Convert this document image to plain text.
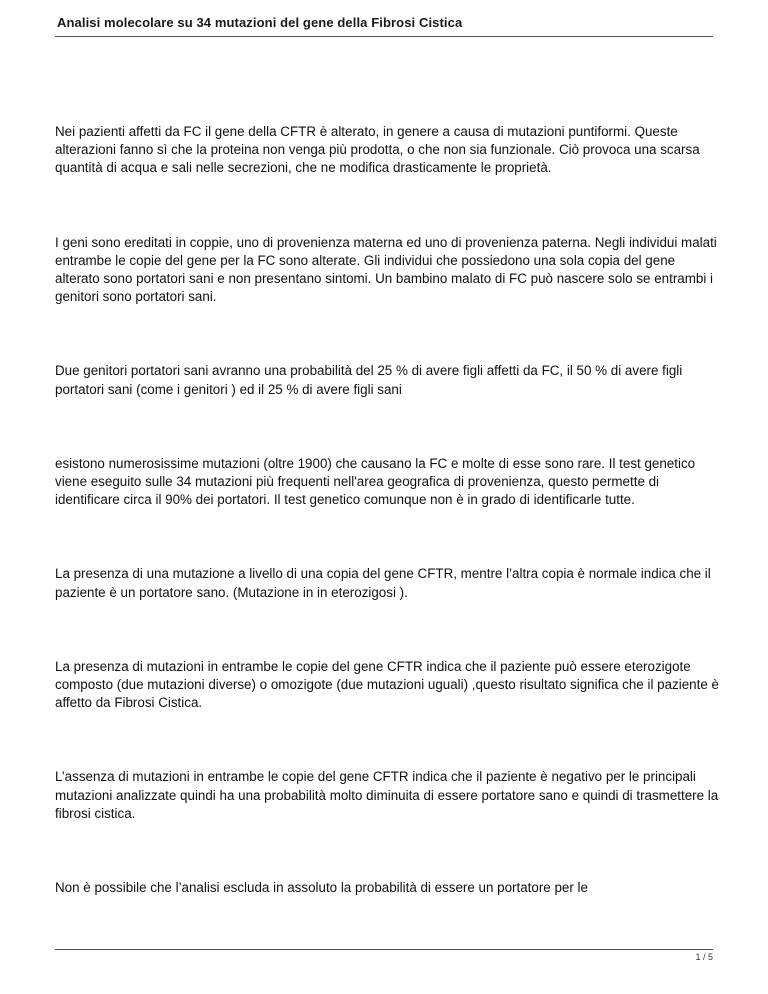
Analisi molecolare su 34 mutazioni del gene della Fibrosi Cistica

Nei pazienti affetti da FC il gene della CFTR è alterato, in genere a causa di mutazioni puntiformi. Queste alterazioni fanno sì che la proteina non venga più prodotta, o che non sia funzionale. Ciò provoca una scarsa quantità di acqua e sali nelle secrezioni, che ne modifica drasticamente le proprietà.

I geni sono ereditati in coppie, uno di provenienza materna ed uno di provenienza paterna. Negli individui malati entrambe le copie del gene per la FC sono alterate. Gli individui che possiedono una sola copia del gene alterato sono portatori sani e non presentano sintomi. Un bambino malato di FC può nascere solo se entrambi i genitori sono portatori sani.

Due genitori portatori sani avranno una probabilità del 25 % di avere figli affetti da FC, il 50 % di avere figli portatori sani (come i genitori ) ed il 25 % di avere figli sani

esistono numerosissime mutazioni (oltre 1900) che causano la FC e molte di esse sono rare. Il test genetico viene eseguito sulle 34 mutazioni più frequenti nell'area geografica di provenienza, questo permette di identificare circa il 90% dei portatori. Il test genetico comunque non è in grado di identificarle tutte.

La presenza di una mutazione a livello di una copia del gene CFTR, mentre l’altra copia è normale indica che il paziente è un portatore sano. (Mutazione in in eterozigosi ).

La presenza di mutazioni in entrambe le copie del gene CFTR indica che il paziente può essere eterozigote composto (due mutazioni diverse) o omozigote (due mutazioni uguali) ,questo risultato significa che il paziente è affetto da Fibrosi Cistica.

L’assenza di mutazioni in entrambe le copie del gene CFTR indica che il paziente è negativo per le principali mutazioni analizzate quindi ha una probabilità molto diminuita di essere portatore sano e quindi di trasmettere la fibrosi cistica.

Non è possibile che l’analisi escluda in assoluto la probabilità di essere un portatore per le

1 / 5
